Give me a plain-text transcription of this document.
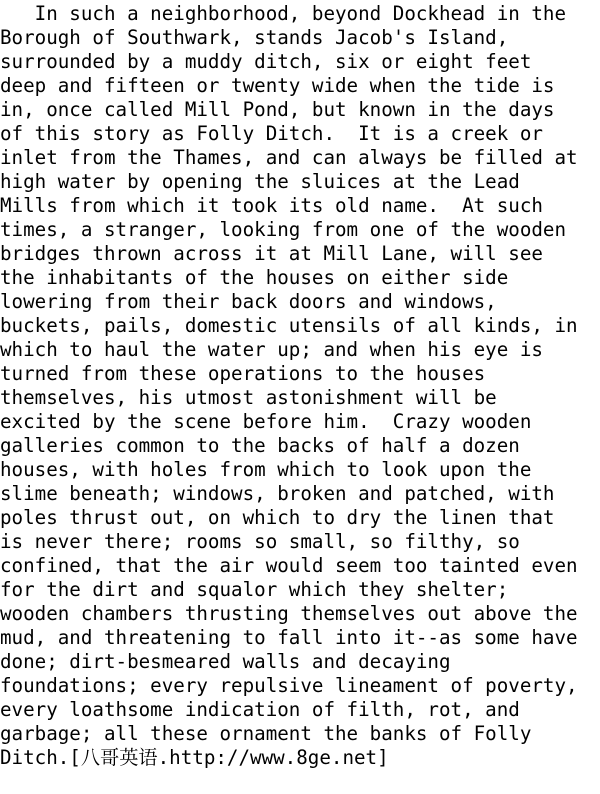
In such a neighborhood, beyond Dockhead in the
Borough of Southwark, stands Jacob's Island,
surrounded by a muddy ditch, six or eight feet
deep and fifteen or twenty wide when the tide is
in, once called Mill Pond, but known in the days
of this story as Folly Ditch.  It is a creek or
inlet from the Thames, and can always be filled at
high water by opening the sluices at the Lead
Mills from which it took its old name.  At such
times, a stranger, looking from one of the wooden
bridges thrown across it at Mill Lane, will see
the inhabitants of the houses on either side
lowering from their back doors and windows,
buckets, pails, domestic utensils of all kinds, in
which to haul the water up; and when his eye is
turned from these operations to the houses
themselves, his utmost astonishment will be
excited by the scene before him.  Crazy wooden
galleries common to the backs of half a dozen
houses, with holes from which to look upon the
slime beneath; windows, broken and patched, with
poles thrust out, on which to dry the linen that
is never there; rooms so small, so filthy, so
confined, that the air would seem too tainted even
for the dirt and squalor which they shelter;
wooden chambers thrusting themselves out above the
mud, and threatening to fall into it--as some have
done; dirt-besmeared walls and decaying
foundations; every repulsive lineament of poverty,
every loathsome indication of filth, rot, and
garbage; all these ornament the banks of Folly
Ditch.[八哥英语.http://www.8ge.net]
